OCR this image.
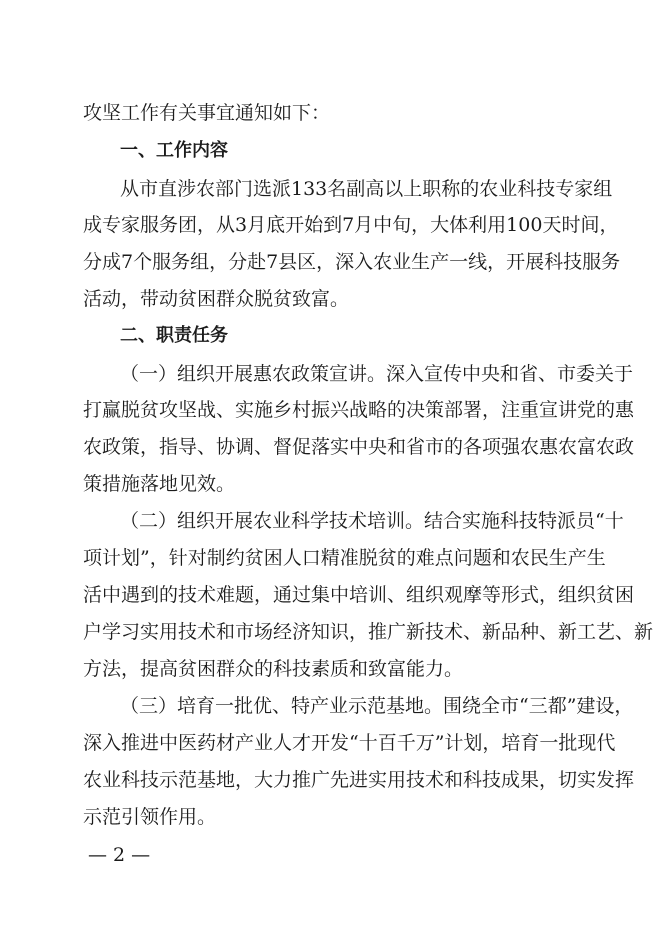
攻坚工作有关事宜通知如下：
一、工作内容
从市直涉农部门选派133名副高以上职称的农业科技专家组
成专家服务团，从3月底开始到7月中旬，大体利用100天时间，
分成7个服务组，分赴7县区，深入农业生产一线，开展科技服务
活动，带动贫困群众脱贫致富。
二、职责任务
（一）组织开展惠农政策宣讲。深入宣传中央和省、市委关于
打赢脱贫攻坚战、实施乡村振兴战略的决策部署，注重宣讲党的惠
农政策，指导、协调、督促落实中央和省市的各项强农惠农富农政
策措施落地见效。
（二）组织开展农业科学技术培训。结合实施科技特派员“十
项计划”，针对制约贫困人口精准脱贫的难点问题和农民生产生
活中遇到的技术难题，通过集中培训、组织观摩等形式，组织贫困
户学习实用技术和市场经济知识，推广新技术、新品种、新工艺、新
方法，提高贫困群众的科技素质和致富能力。
（三）培育一批优、特产业示范基地。围绕全市“三都”建设，
深入推进中医药材产业人才开发“十百千万”计划，培育一批现代
农业科技示范基地，大力推广先进实用技术和科技成果，切实发挥
示范引领作用。
— 2 —
